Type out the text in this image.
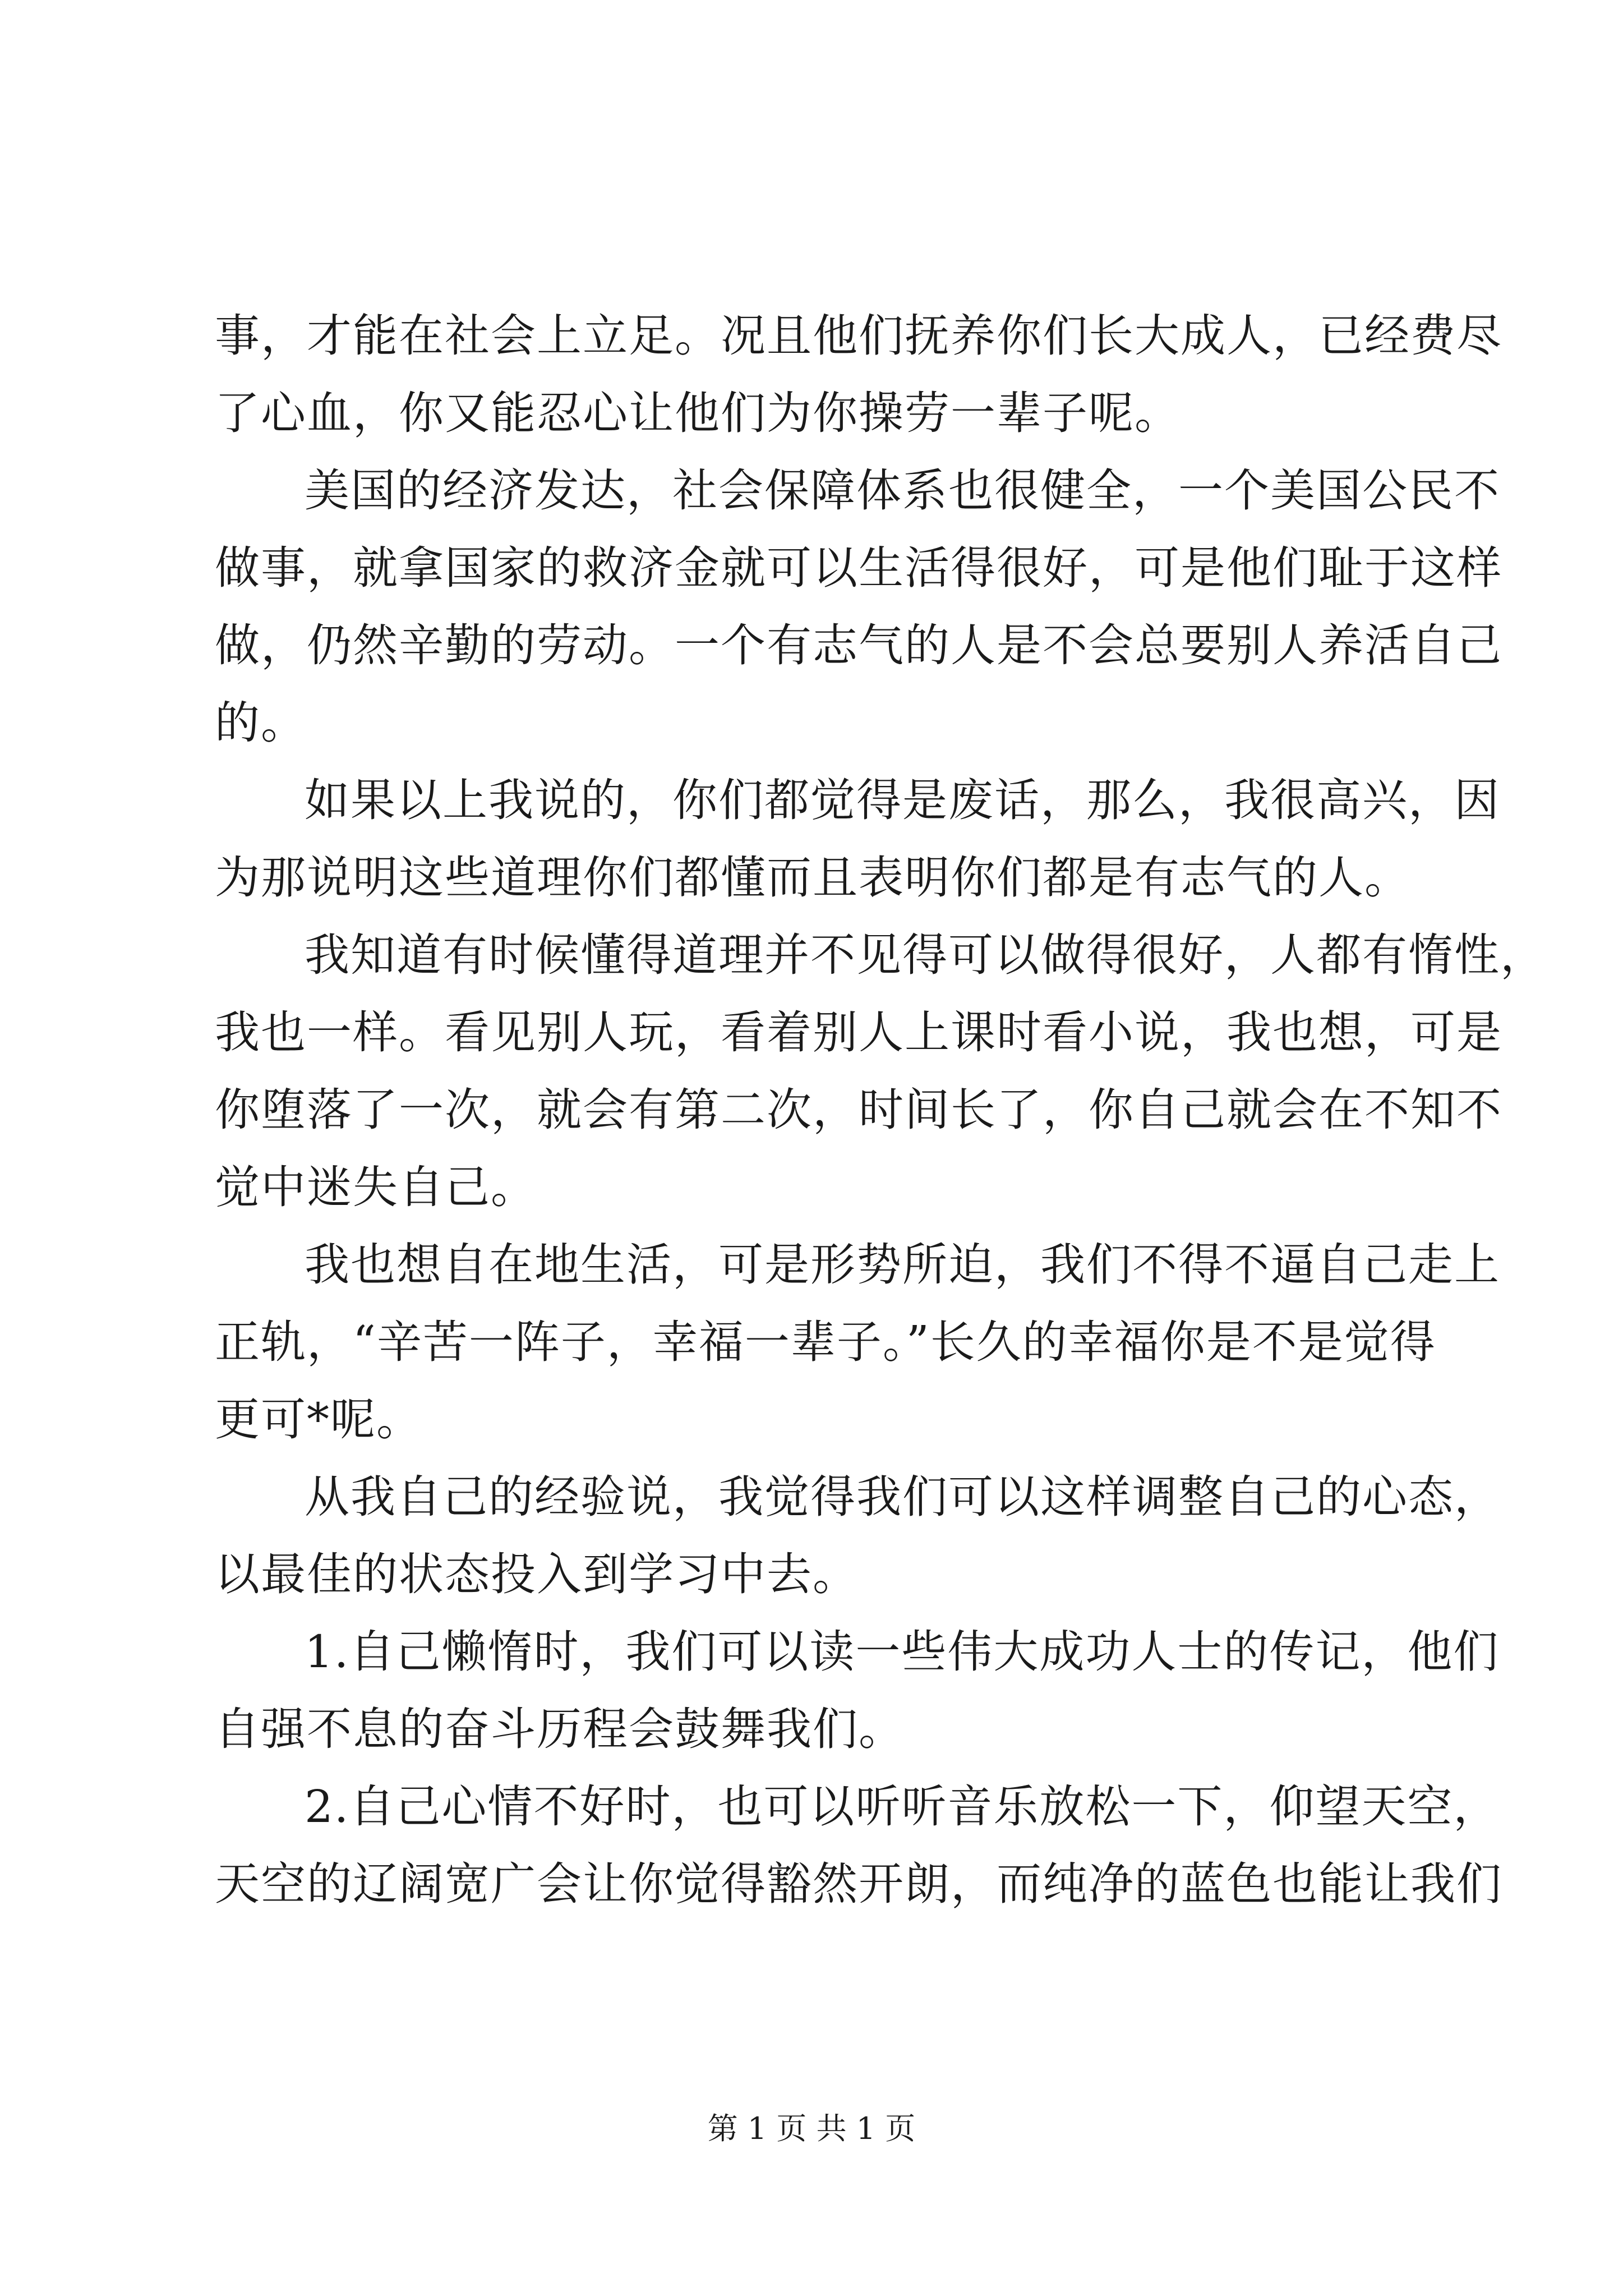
事，才能在社会上立足。况且他们抚养你们长大成人，已经费尽
了心血，你又能忍心让他们为你操劳一辈子呢。
美国的经济发达，社会保障体系也很健全，一个美国公民不
做事，就拿国家的救济金就可以生活得很好，可是他们耻于这样
做，仍然辛勤的劳动。一个有志气的人是不会总要别人养活自己
的。
如果以上我说的，你们都觉得是废话，那么，我很高兴，因
为那说明这些道理你们都懂而且表明你们都是有志气的人。
我知道有时候懂得道理并不见得可以做得很好，人都有惰性，
我也一样。看见别人玩，看着别人上课时看小说，我也想，可是
你堕落了一次，就会有第二次，时间长了，你自己就会在不知不
觉中迷失自己。
我也想自在地生活，可是形势所迫，我们不得不逼自己走上
正轨，“辛苦一阵子，幸福一辈子。”长久的幸福你是不是觉得
更可*呢。
从我自己的经验说，我觉得我们可以这样调整自己的心态，
以最佳的状态投入到学习中去。
1.自己懒惰时，我们可以读一些伟大成功人士的传记，他们
自强不息的奋斗历程会鼓舞我们。
2.自己心情不好时，也可以听听音乐放松一下，仰望天空，
天空的辽阔宽广会让你觉得豁然开朗，而纯净的蓝色也能让我们
第 1 页 共 1 页
